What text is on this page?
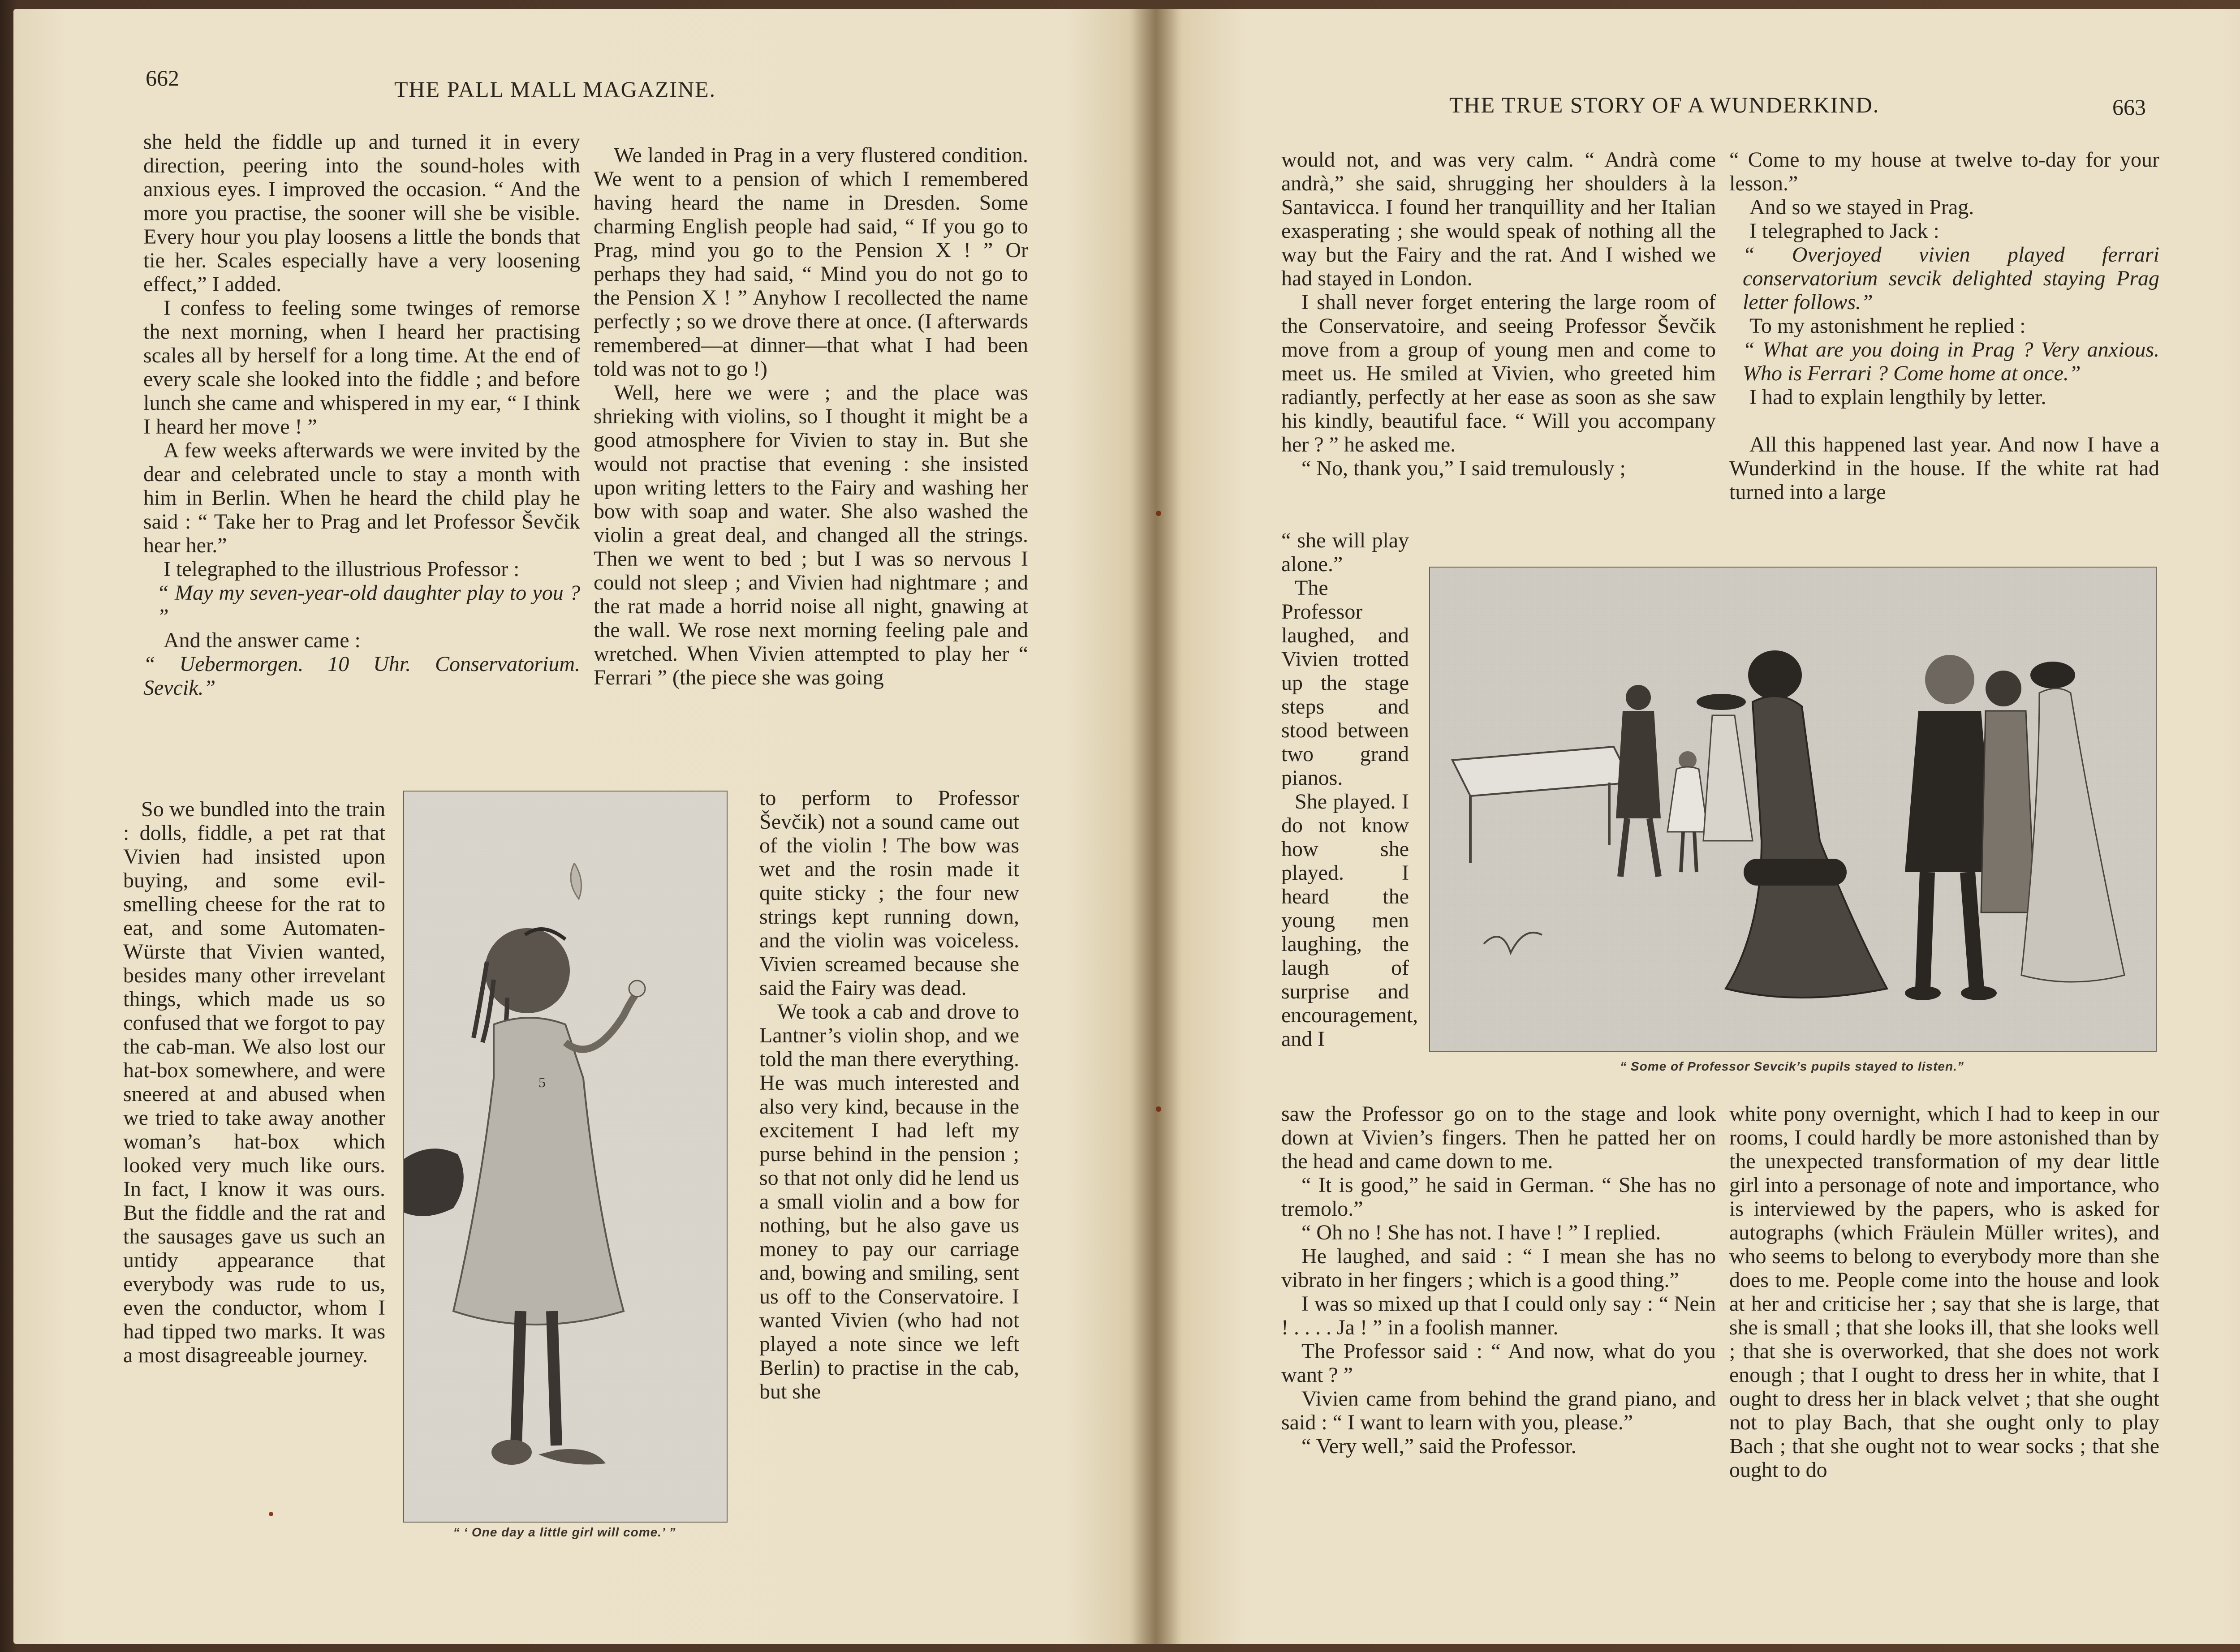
662	THE PALL MALL MAGAZINE.

she held the fiddle up and turned it in every direction, peering into the sound-holes with anxious eyes. I improved the occasion. “ And the more you practise, the sooner will she be visible. Every hour you play loosens a little the bonds that tie her. Scales especially have a very loosening effect,” I added.

I confess to feeling some twinges of remorse the next morning, when I heard her practising scales all by herself for a long time. At the end of every scale she looked into the fiddle ; and before lunch she came and whispered in my ear, “ I think I heard her move ! ”

A few weeks afterwards we were invited by the dear and celebrated uncle to stay a month with him in Berlin. When he heard the child play he said : “ Take her to Prag and let Professor Ševčik hear her.”

I telegraphed to the illustrious Professor :

“ May my seven-year-old daughter play to you ? ”

And the answer came :

“ Uebermorgen. 10 Uhr. Conservatorium. Sevcik.”

So we bundled into the train : dolls, fiddle, a pet rat that Vivien had insisted upon buying, and some evil-smelling cheese for the rat to eat, and some Automaten-Würste that Vivien wanted, besides many other irrevelant things, which made us so confused that we forgot to pay the cab-man. We also lost our hat-box somewhere, and were sneered at and abused when we tried to take away another woman’s hat-box which looked very much like ours. In fact, I know it was ours. But the fiddle and the rat and the sausages gave us such an untidy appearance that everybody was rude to us, even the conductor, whom I had tipped two marks. It was a most disagreeable journey.

We landed in Prag in a very flustered condition. We went to a pension of which I remembered having heard the name in Dresden. Some charming English people had said, “ If you go to Prag, mind you go to the Pension X ! ” Or perhaps they had said, “ Mind you do not go to the Pension X ! ” Anyhow I recollected the name perfectly ; so we drove there at once. (I afterwards remembered—at dinner—that what I had been told was not to go !)

Well, here we were ; and the place was shrieking with violins, so I thought it might be a good atmosphere for Vivien to stay in. But she would not practise that evening : she insisted upon writing letters to the Fairy and washing her bow with soap and water. She also washed the violin a great deal, and changed all the strings. Then we went to bed ; but I was so nervous I could not sleep ; and Vivien had nightmare ; and the rat made a horrid noise all night, gnawing at the wall. We rose next morning feeling pale and wretched. When Vivien attempted to play her “ Ferrari ” (the piece she was going

to perform to Professor Ševčik) not a sound came out of the violin ! The bow was wet and the rosin made it quite sticky ; the four new strings kept running down, and the violin was voiceless. Vivien screamed because she said the Fairy was dead.

We took a cab and drove to Lantner’s violin shop, and we told the man there everything. He was much interested and also very kind, because in the excitement I had left my purse behind in the pension ; so that not only did he lend us a small violin and a bow for nothing, but he also gave us money to pay our carriage and, bowing and smiling, sent us off to the Conservatoire. I wanted Vivien (who had not played a note since we left Berlin) to practise in the cab, but she

5
“ ‘ One day a little girl will come.’ ”
THE TRUE STORY OF A WUNDERKIND.	663

would not, and was very calm. “ Andrà come andrà,” she said, shrugging her shoulders à la Santavicca. I found her tranquillity and her Italian exasperating ; she would speak of nothing all the way but the Fairy and the rat. And I wished we had stayed in London.

I shall never forget entering the large room of the Conservatoire, and seeing Professor Ševčik move from a group of young men and come to meet us. He smiled at Vivien, who greeted him radiantly, perfectly at her ease as soon as she saw his kindly, beautiful face. “ Will you accompany her ? ” he asked me.

“ No, thank you,” I said tremulously ;

“ she will play alone.”

The Professor laughed, and Vivien trotted up the stage steps and stood between two grand pianos.

She played. I do not know how she played. I heard the young men laughing, the laugh of surprise and encouragement, and I

saw the Professor go on to the stage and look down at Vivien’s fingers. Then he patted her on the head and came down to me.

“ It is good,” he said in German. “ She has no tremolo.”

“ Oh no ! She has not. I have ! ” I replied.

He laughed, and said : “ I mean she has no vibrato in her fingers ; which is a good thing.”

I was so mixed up that I could only say : “ Nein ! . . . . Ja ! ” in a foolish manner.

The Professor said : “ And now, what do you want ? ”

Vivien came from behind the grand piano, and said : “ I want to learn with you, please.”

“ Very well,” said the Professor.

“ Come to my house at twelve to-day for your lesson.”

And so we stayed in Prag.

I telegraphed to Jack :

“ Overjoyed vivien played ferrari conservatorium sevcik delighted staying Prag letter follows.”

To my astonishment he replied :

“ What are you doing in Prag ? Very anxious. Who is Ferrari ? Come home at once.”

I had to explain lengthily by letter.

All this happened last year. And now I have a Wunderkind in the house. If the white rat had turned into a large

white pony overnight, which I had to keep in our rooms, I could hardly be more astonished than by the unexpected transformation of my dear little girl into a personage of note and importance, who is interviewed by the papers, who is asked for autographs (which Fräulein Müller writes), and who seems to belong to everybody more than she does to me. People come into the house and look at her and criticise her ; say that she is large, that she is small ; that she looks ill, that she looks well ; that she is overworked, that she does not work enough ; that I ought to dress her in white, that I ought to dress her in black velvet ; that she ought not to play Bach, that she ought only to play Bach ; that she ought not to wear socks ; that she ought to do

“ Some of Professor Sevcik’s pupils stayed to listen.”
